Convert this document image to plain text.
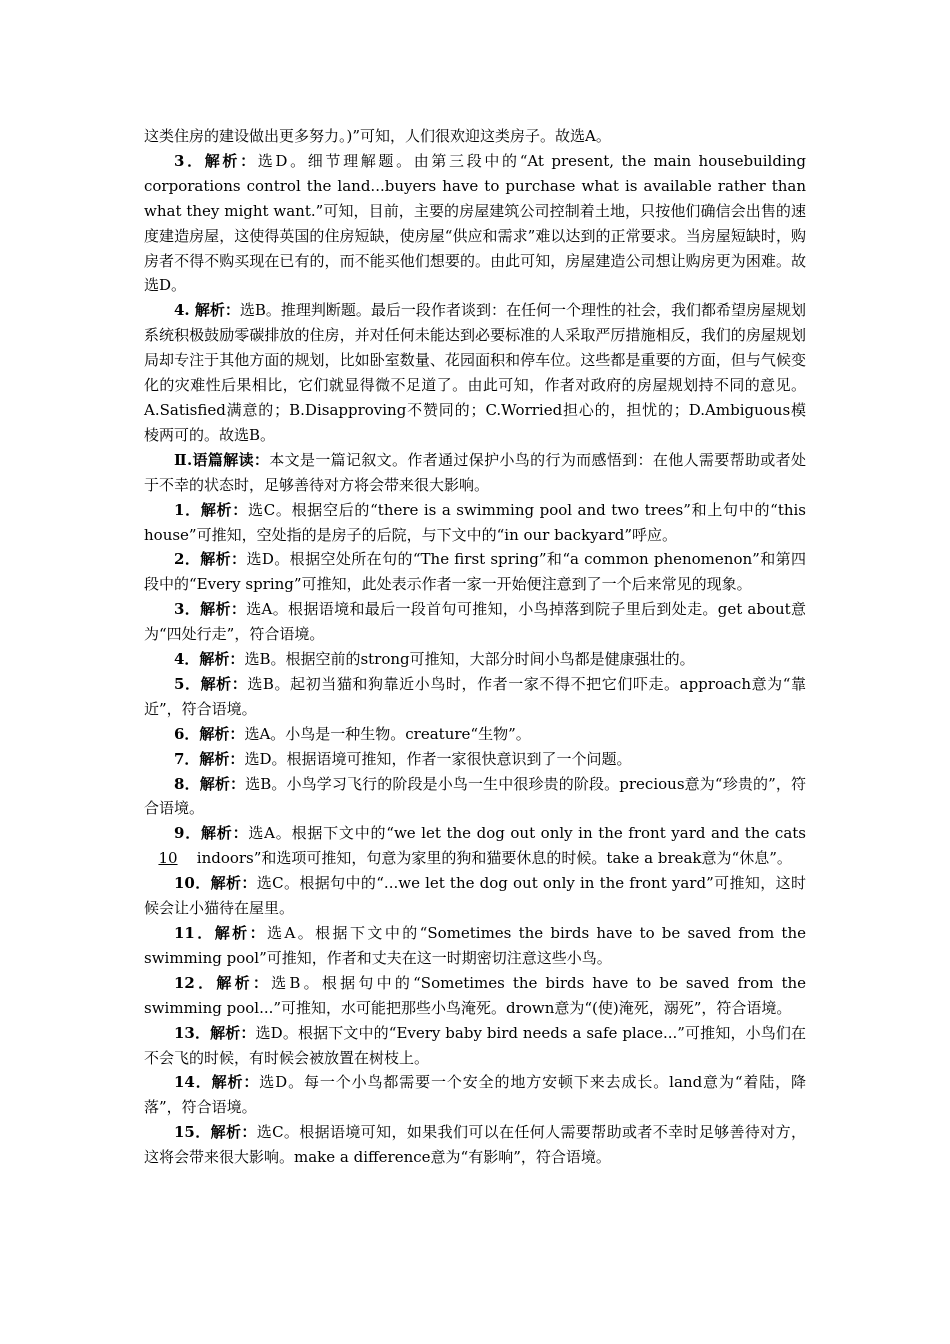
这类住房的建设做出更多努力。)”可知，人们很欢迎这类房子。故选A。

3．解析：选D。细节理解题。由第三段中的“At present, the main housebuilding corporations control the land...buyers have to purchase what is available rather than what they might want.”可知，目前，主要的房屋建筑公司控制着土地，只按他们确信会出售的速度建造房屋，这使得英国的住房短缺，使房屋“供应和需求”难以达到的正常要求。当房屋短缺时，购房者不得不购买现在已有的，而不能买他们想要的。由此可知，房屋建造公司想让购房更为困难。故选D。

4. 解析：选B。推理判断题。最后一段作者谈到：在任何一个理性的社会，我们都希望房屋规划系统积极鼓励零碳排放的住房，并对任何未能达到必要标准的人采取严厉措施相反，我们的房屋规划局却专注于其他方面的规划，比如卧室数量、花园面积和停车位。这些都是重要的方面，但与气候变化的灾难性后果相比，它们就显得微不足道了。由此可知，作者对政府的房屋规划持不同的意见。A.Satisfied满意的；B.Disapproving不赞同的；C.Worried担心的，担忧的；D.Ambiguous模棱两可的。故选B。

Ⅱ.语篇解读：本文是一篇记叙文。作者通过保护小鸟的行为而感悟到：在他人需要帮助或者处于不幸的状态时，足够善待对方将会带来很大影响。

1．解析：选C。根据空后的“there is a swimming pool and two trees”和上句中的“this house”可推知，空处指的是房子的后院，与下文中的“in our backyard”呼应。

2．解析：选D。根据空处所在句的“The first spring”和“a common phenomenon”和第四段中的“Every spring”可推知，此处表示作者一家一开始便注意到了一个后来常见的现象。

3．解析：选A。根据语境和最后一段首句可推知，小鸟掉落到院子里后到处走。get about意为“四处行走”，符合语境。

4．解析：选B。根据空前的strong可推知，大部分时间小鸟都是健康强壮的。

5．解析：选B。起初当猫和狗靠近小鸟时，作者一家不得不把它们吓走。approach意为“靠近”，符合语境。

6．解析：选A。小鸟是一种生物。creature“生物”。

7．解析：选D。根据语境可推知，作者一家很快意识到了一个问题。

8．解析：选B。小鸟学习飞行的阶段是小鸟一生中很珍贵的阶段。precious意为“珍贵的”，符合语境。

9．解析：选A。根据下文中的“we let the dog out only in the front yard and the cats 10 indoors”和选项可推知，句意为家里的狗和猫要休息的时候。take a break意为“休息”。

10．解析：选C。根据句中的“...we let the dog out only in the front yard”可推知，这时候会让小猫待在屋里。

11．解析：选A。根据下文中的“Sometimes the birds have to be saved from the swimming pool”可推知，作者和丈夫在这一时期密切注意这些小鸟。

12．解析：选B。根据句中的“Sometimes the birds have to be saved from the swimming pool...”可推知，水可能把那些小鸟淹死。drown意为“(使)淹死，溺死”，符合语境。

13．解析：选D。根据下文中的“Every baby bird needs a safe place...”可推知，小鸟们在不会飞的时候，有时候会被放置在树枝上。

14．解析：选D。每一个小鸟都需要一个安全的地方安顿下来去成长。land意为“着陆，降落”，符合语境。

15．解析：选C。根据语境可知，如果我们可以在任何人需要帮助或者不幸时足够善待对方，这将会带来很大影响。make a difference意为“有影响”，符合语境。
